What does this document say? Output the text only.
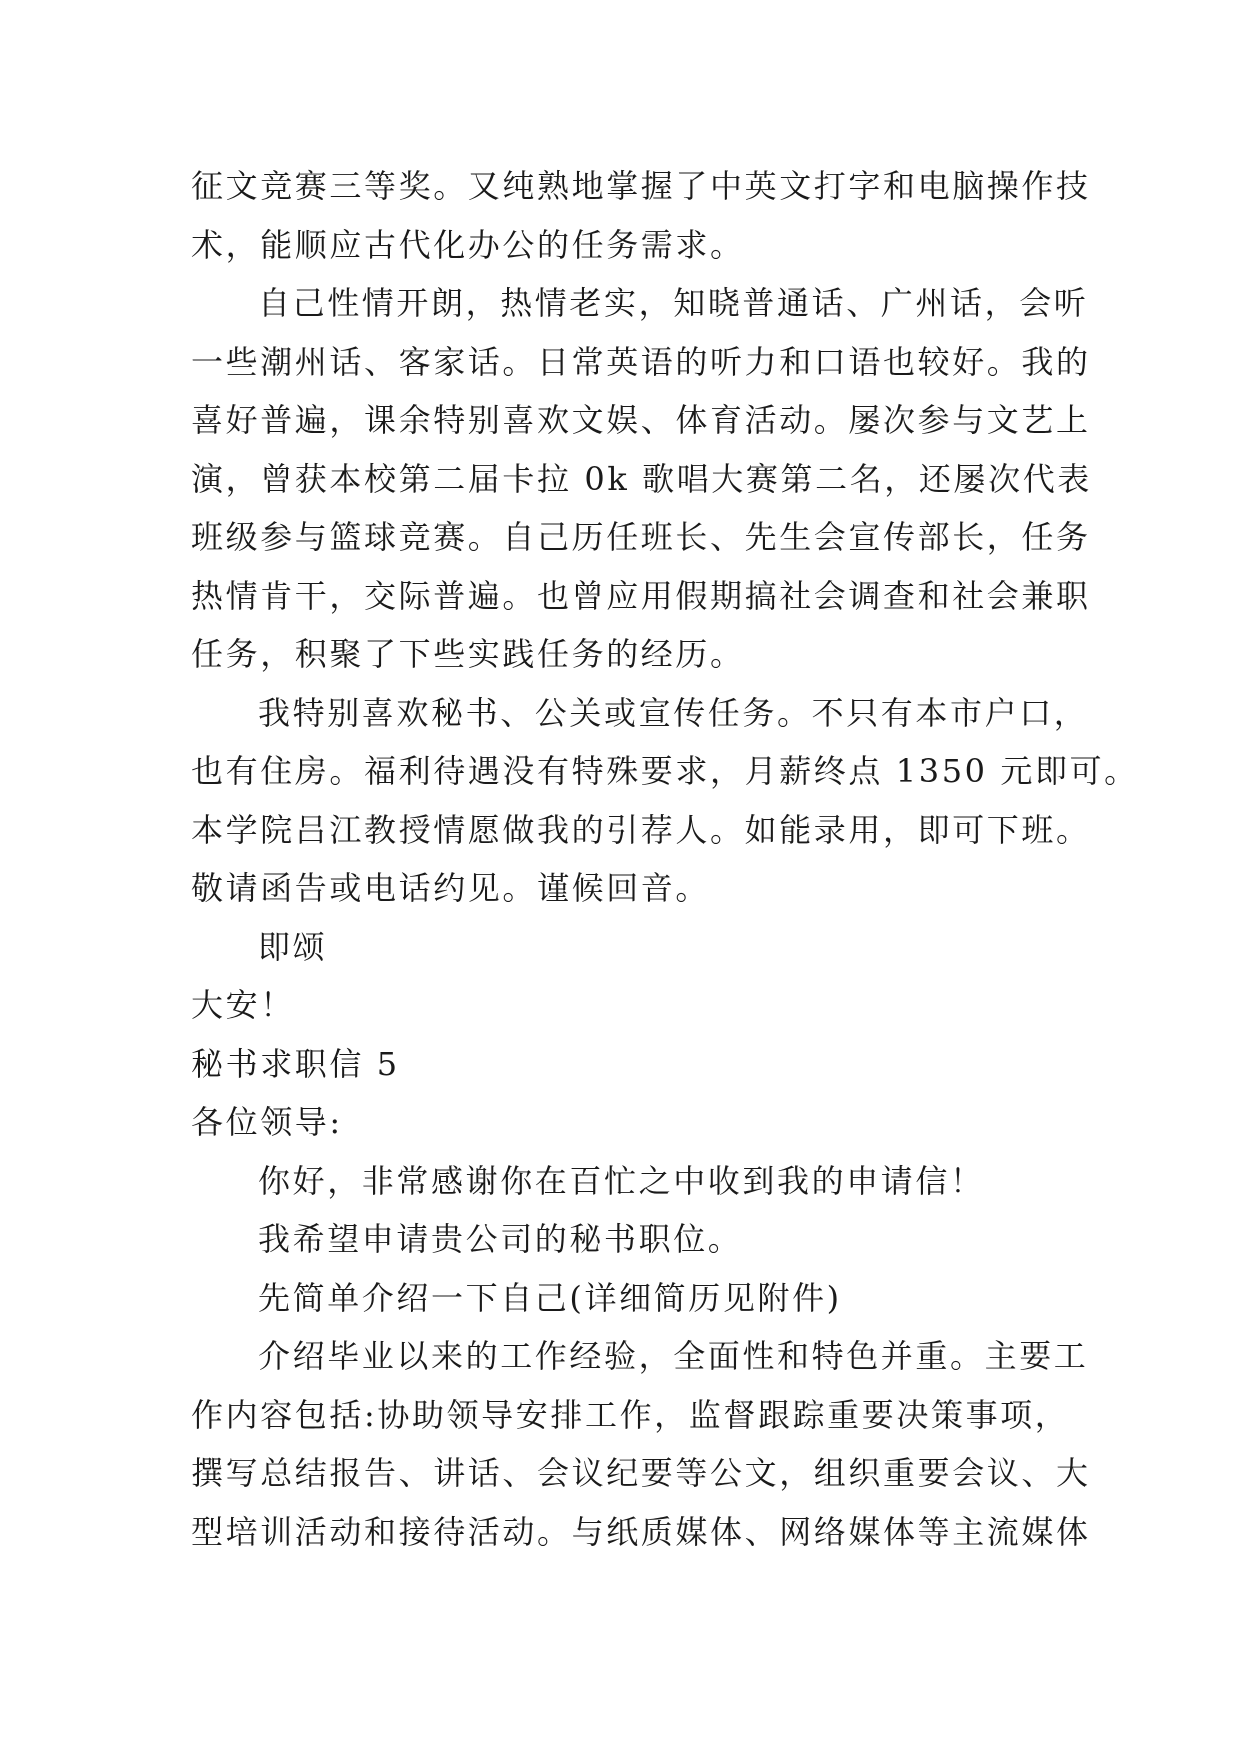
征文竞赛三等奖。又纯熟地掌握了中英文打字和电脑操作技
术，能顺应古代化办公的任务需求。
自己性情开朗，热情老实，知晓普通话、广州话，会听
一些潮州话、客家话。日常英语的听力和口语也较好。我的
喜好普遍，课余特别喜欢文娱、体育活动。屡次参与文艺上
演，曾获本校第二届卡拉 0k 歌唱大赛第二名，还屡次代表
班级参与篮球竞赛。自己历任班长、先生会宣传部长，任务
热情肯干，交际普遍。也曾应用假期搞社会调查和社会兼职
任务，积聚了下些实践任务的经历。
我特别喜欢秘书、公关或宣传任务。不只有本市户口，
也有住房。福利待遇没有特殊要求，月薪终点 1350 元即可。
本学院吕江教授情愿做我的引荐人。如能录用，即可下班。
敬请函告或电话约见。谨候回音。
即颂
大安！
秘书求职信 5
各位领导:
你好，非常感谢你在百忙之中收到我的申请信！
我希望申请贵公司的秘书职位。
先简单介绍一下自己(详细简历见附件)
介绍毕业以来的工作经验，全面性和特色并重。主要工
作内容包括:协助领导安排工作，监督跟踪重要决策事项，
撰写总结报告、讲话、会议纪要等公文，组织重要会议、大
型培训活动和接待活动。与纸质媒体、网络媒体等主流媒体
